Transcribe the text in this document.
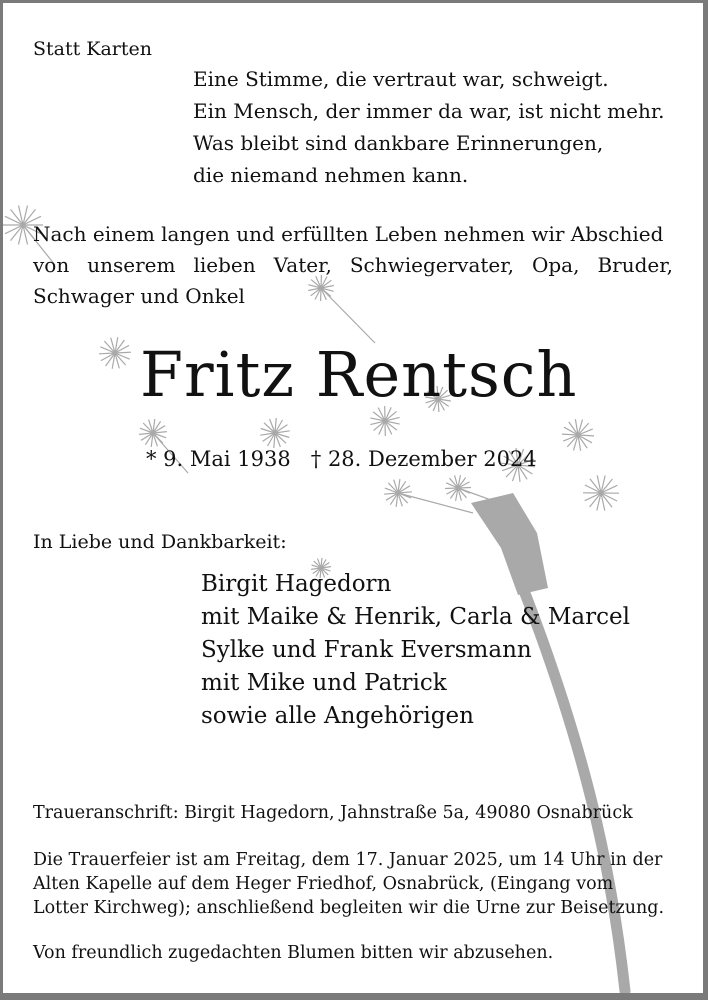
Statt Karten
Eine Stimme, die vertraut war, schweigt.
Ein Mensch, der immer da war, ist nicht mehr.
Was bleibt sind dankbare Erinnerungen,
die niemand nehmen kann.
Nach einem langen und erfüllten Leben nehmen wir Abschied
von unserem lieben Vater, Schwiegervater, Opa, Bruder,
Schwager und Onkel
Fritz Rentsch
* 9. Mai 1938   † 28. Dezember 2024
In Liebe und Dankbarkeit:
Birgit Hagedorn
mit Maike & Henrik, Carla & Marcel
Sylke und Frank Eversmann
mit Mike und Patrick
sowie alle Angehörigen
Traueranschrift: Birgit Hagedorn, Jahnstraße 5a, 49080 Osnabrück
Die Trauerfeier ist am Freitag, dem 17. Januar 2025, um 14 Uhr in der
Alten Kapelle auf dem Heger Friedhof, Osnabrück, (Eingang vom
Lotter Kirchweg); anschließend begleiten wir die Urne zur Beisetzung.
Von freundlich zugedachten Blumen bitten wir abzusehen.
